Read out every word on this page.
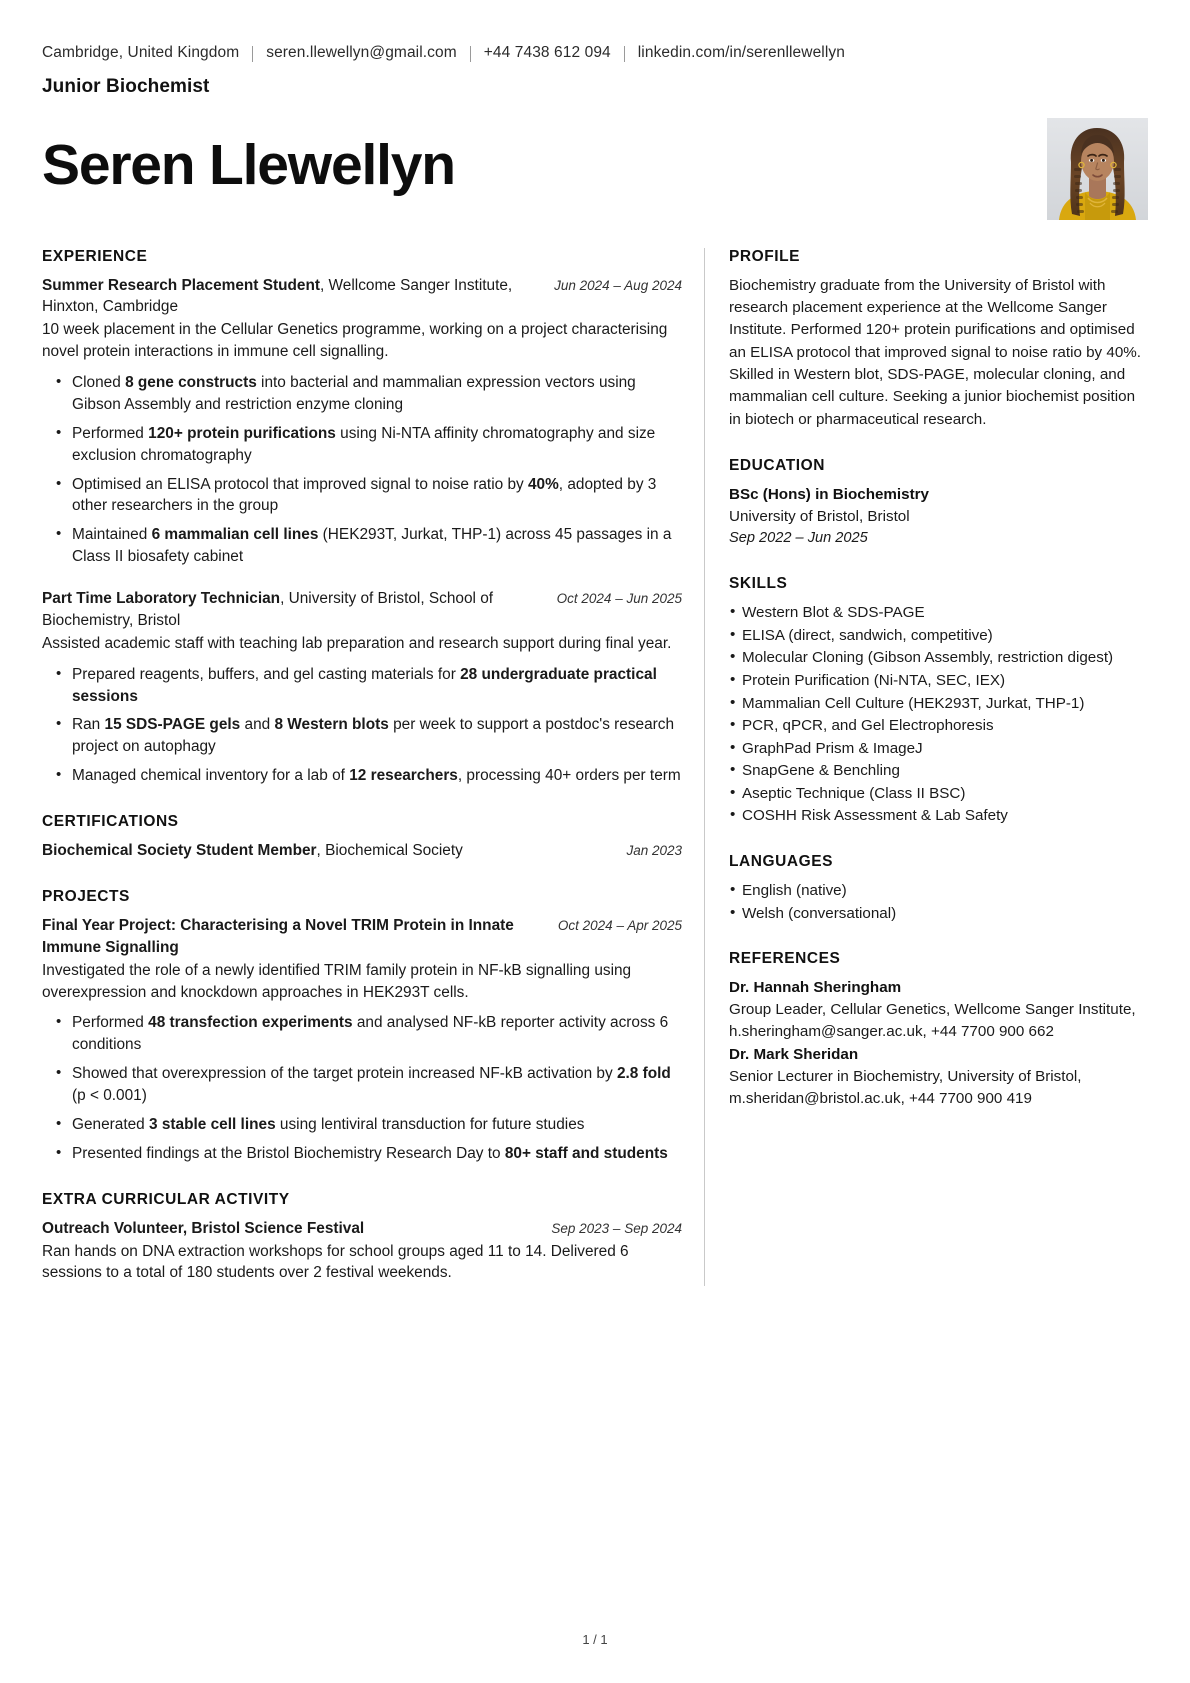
Cambridge, United Kingdom seren.llewellyn@gmail.com +44 7438 612 094 linkedin.com/in/serenllewellyn
Junior Biochemist
Seren Llewellyn
EXPERIENCE
Summer Research Placement Student, Wellcome Sanger Institute, Hinxton, Cambridge
Jun 2024 – Aug 2024
10 week placement in the Cellular Genetics programme, working on a project characterising novel protein interactions in immune cell signalling.
• Cloned 8 gene constructs into bacterial and mammalian expression vectors using Gibson Assembly and restriction enzyme cloning
• Performed 120+ protein purifications using Ni-NTA affinity chromatography and size exclusion chromatography
• Optimised an ELISA protocol that improved signal to noise ratio by 40%, adopted by 3 other researchers in the group
• Maintained 6 mammalian cell lines (HEK293T, Jurkat, THP-1) across 45 passages in a Class II biosafety cabinet
Part Time Laboratory Technician, University of Bristol, School of Biochemistry, Bristol
Oct 2024 – Jun 2025
Assisted academic staff with teaching lab preparation and research support during final year.
• Prepared reagents, buffers, and gel casting materials for 28 undergraduate practical sessions
• Ran 15 SDS-PAGE gels and 8 Western blots per week to support a postdoc's research project on autophagy
• Managed chemical inventory for a lab of 12 researchers, processing 40+ orders per term
CERTIFICATIONS
Biochemical Society Student Member, Biochemical Society	Jan 2023
PROJECTS
Final Year Project: Characterising a Novel TRIM Protein in Innate Immune Signalling
Oct 2024 – Apr 2025
Investigated the role of a newly identified TRIM family protein in NF-kB signalling using overexpression and knockdown approaches in HEK293T cells.
• Performed 48 transfection experiments and analysed NF-kB reporter activity across 6 conditions
• Showed that overexpression of the target protein increased NF-kB activation by 2.8 fold (p < 0.001)
• Generated 3 stable cell lines using lentiviral transduction for future studies
• Presented findings at the Bristol Biochemistry Research Day to 80+ staff and students
EXTRA CURRICULAR ACTIVITY
Outreach Volunteer, Bristol Science Festival	Sep 2023 – Sep 2024
Ran hands on DNA extraction workshops for school groups aged 11 to 14. Delivered 6 sessions to a total of 180 students over 2 festival weekends.
PROFILE
Biochemistry graduate from the University of Bristol with research placement experience at the Wellcome Sanger Institute. Performed 120+ protein purifications and optimised an ELISA protocol that improved signal to noise ratio by 40%. Skilled in Western blot, SDS-PAGE, molecular cloning, and mammalian cell culture. Seeking a junior biochemist position in biotech or pharmaceutical research.
EDUCATION
BSc (Hons) in Biochemistry
University of Bristol, Bristol
Sep 2022 – Jun 2025
SKILLS
• Western Blot & SDS-PAGE
• ELISA (direct, sandwich, competitive)
• Molecular Cloning (Gibson Assembly, restriction digest)
• Protein Purification (Ni-NTA, SEC, IEX)
• Mammalian Cell Culture (HEK293T, Jurkat, THP-1)
• PCR, qPCR, and Gel Electrophoresis
• GraphPad Prism & ImageJ
• SnapGene & Benchling
• Aseptic Technique (Class II BSC)
• COSHH Risk Assessment & Lab Safety
LANGUAGES
• English (native)
• Welsh (conversational)
REFERENCES
Dr. Hannah Sheringham
Group Leader, Cellular Genetics, Wellcome Sanger Institute, h.sheringham@sanger.ac.uk, +44 7700 900 662
Dr. Mark Sheridan
Senior Lecturer in Biochemistry, University of Bristol, m.sheridan@bristol.ac.uk, +44 7700 900 419
1 / 1
